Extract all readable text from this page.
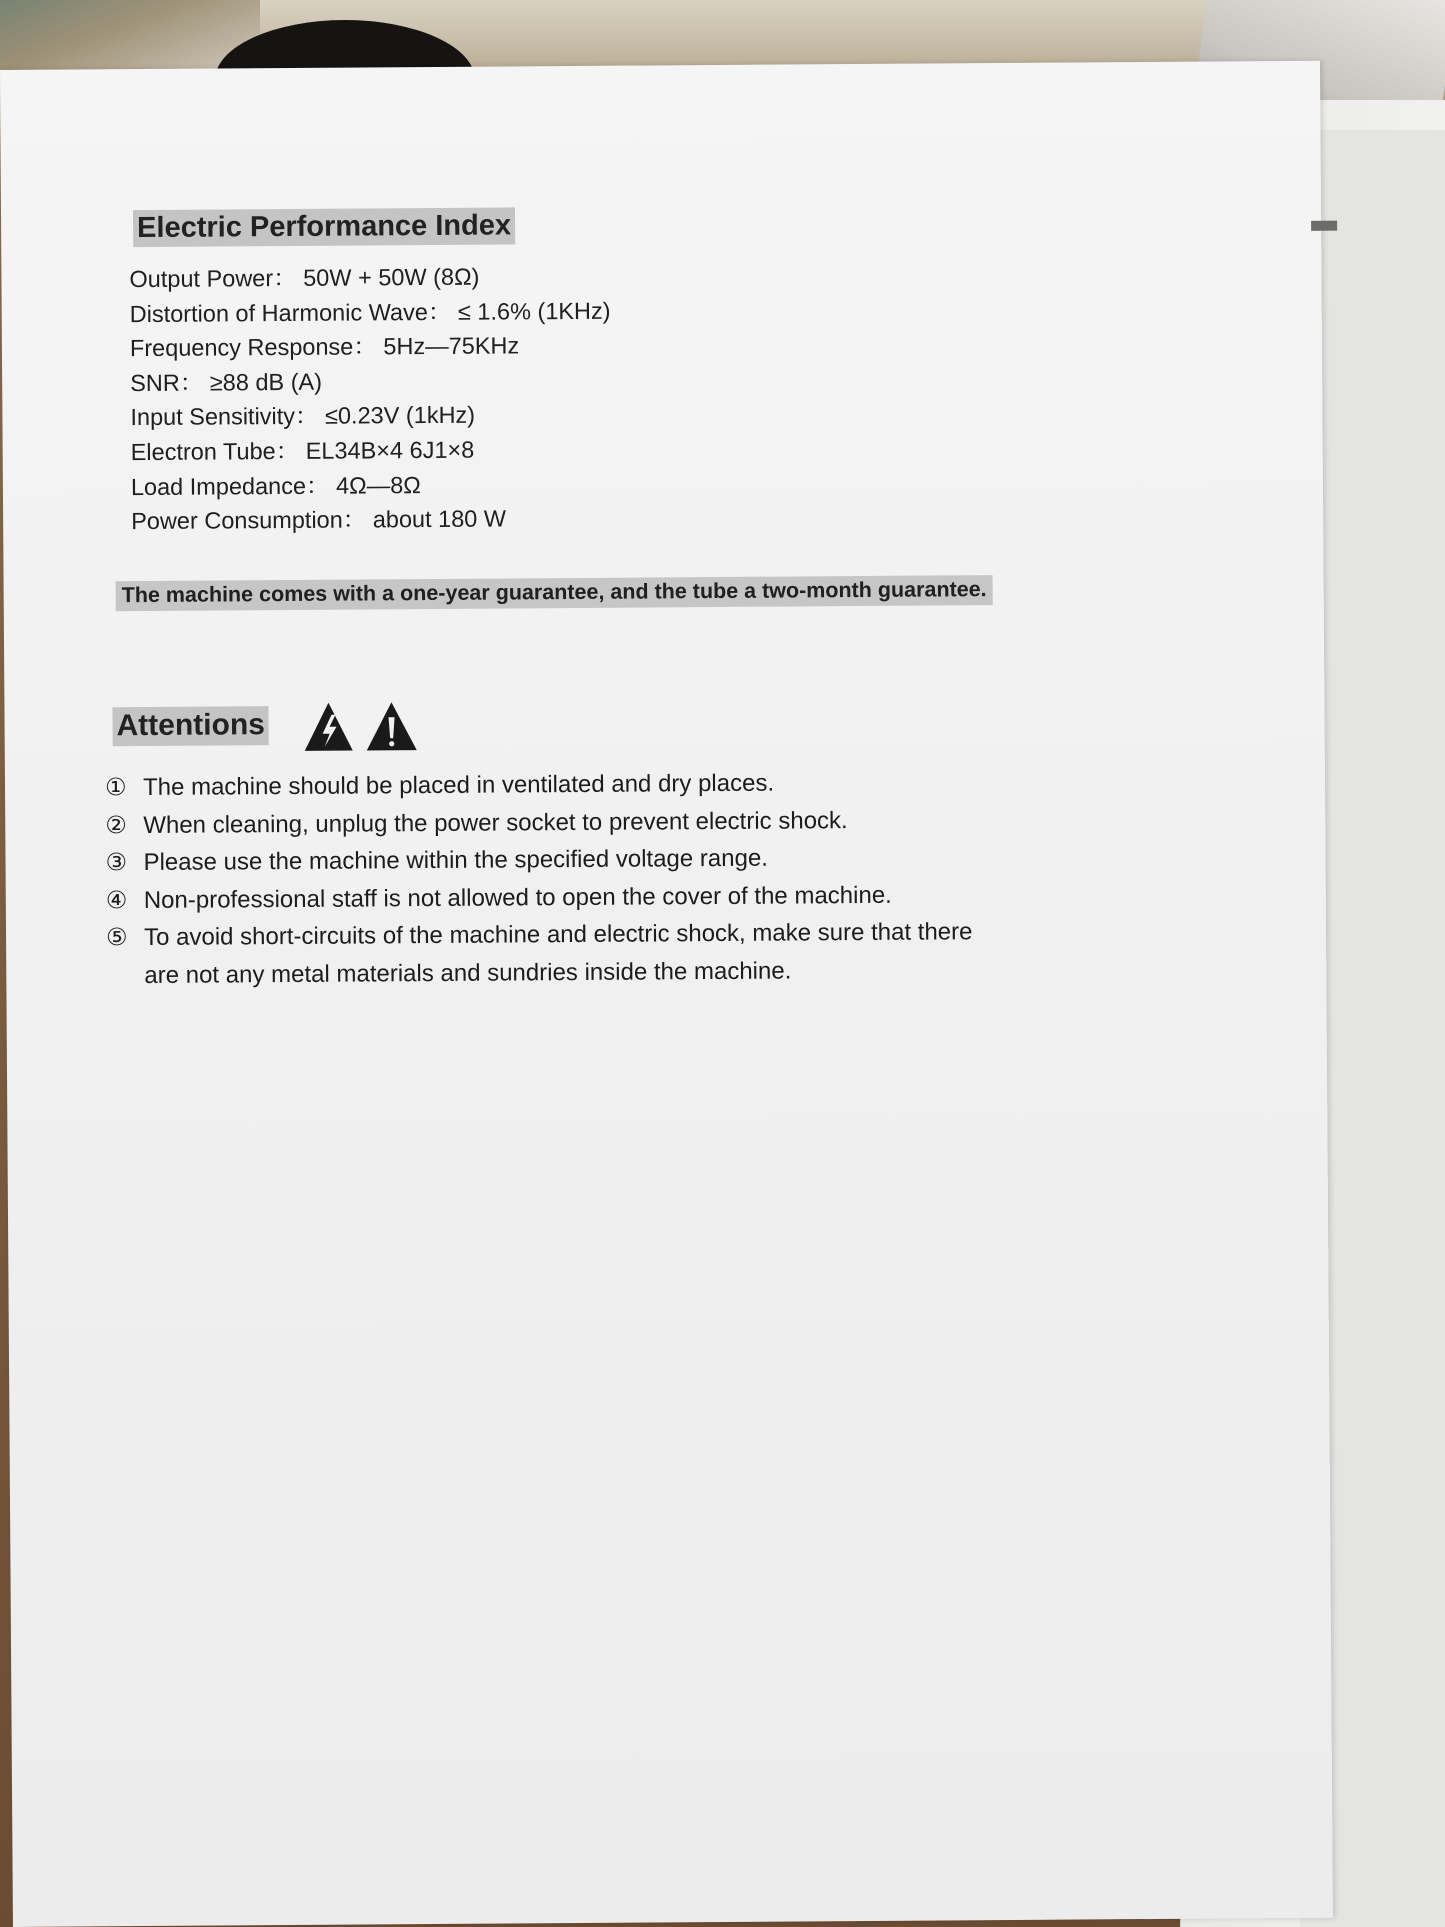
Electric Performance Index
Output Power： 50W + 50W (8Ω)
Distortion of Harmonic Wave： ≤ 1.6% (1KHz)
Frequency Response： 5Hz—75KHz
SNR： ≥88 dB (A)
Input Sensitivity： ≤0.23V (1kHz)
Electron Tube： EL34B×4 6J1×8
Load Impedance： 4Ω—8Ω
Power Consumption： about 180 W
The machine comes with a one-year guarantee, and the tube a two-month guarantee.
Attentions
① The machine should be placed in ventilated and dry places.
② When cleaning, unplug the power socket to prevent electric shock.
③ Please use the machine within the specified voltage range.
④ Non-professional staff is not allowed to open the cover of the machine.
⑤ To avoid short-circuits of the machine and electric shock, make sure that there
are not any metal materials and sundries inside the machine.
